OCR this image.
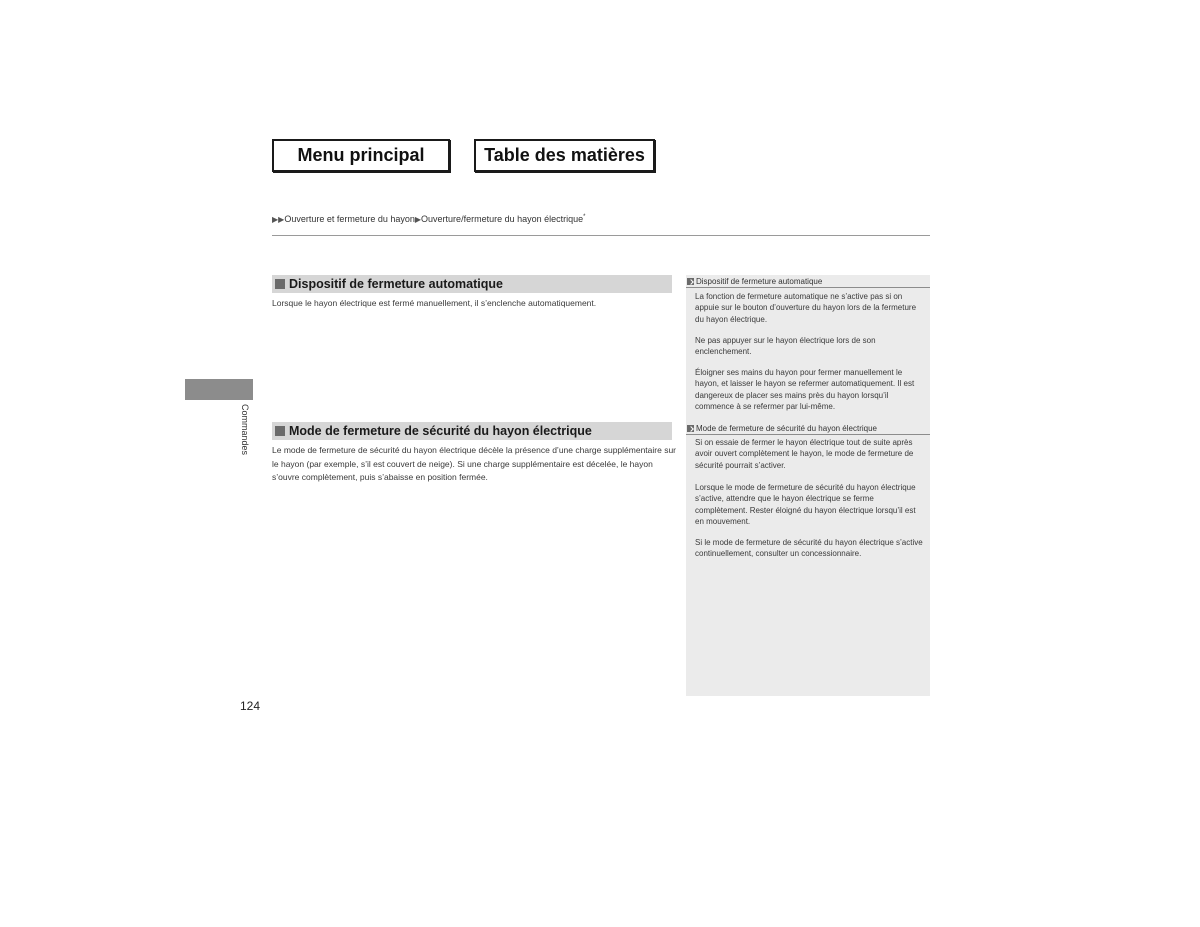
Menu principal	Table des matières
▶▶Ouverture et fermeture du hayon▶Ouverture/fermeture du hayon électrique*
Commandes
Dispositif de fermeture automatique
Lorsque le hayon électrique est fermé manuellement, il s’enclenche automatiquement.
Mode de fermeture de sécurité du hayon électrique
Le mode de fermeture de sécurité du hayon électrique décèle la présence d’une charge supplémentaire sur le hayon (par exemple, s’il est couvert de neige). Si une charge supplémentaire est décelée, le hayon s’ouvre complètement, puis s’abaisse en position fermée.
Dispositif de fermeture automatique
La fonction de fermeture automatique ne s’active pas si on appuie sur le bouton d’ouverture du hayon lors de la fermeture du hayon électrique.
Ne pas appuyer sur le hayon électrique lors de son enclenchement.
Éloigner ses mains du hayon pour fermer manuellement le hayon, et laisser le hayon se refermer automatiquement. Il est dangereux de placer ses mains près du hayon lorsqu’il commence à se refermer par lui-même.
Mode de fermeture de sécurité du hayon électrique
Si on essaie de fermer le hayon électrique tout de suite après avoir ouvert complètement le hayon, le mode de fermeture de sécurité pourrait s’activer.
Lorsque le mode de fermeture de sécurité du hayon électrique s’active, attendre que le hayon électrique se ferme complètement. Rester éloigné du hayon électrique lorsqu’il est en mouvement.
Si le mode de fermeture de sécurité du hayon électrique s’active continuellement, consulter un concessionnaire.
124
